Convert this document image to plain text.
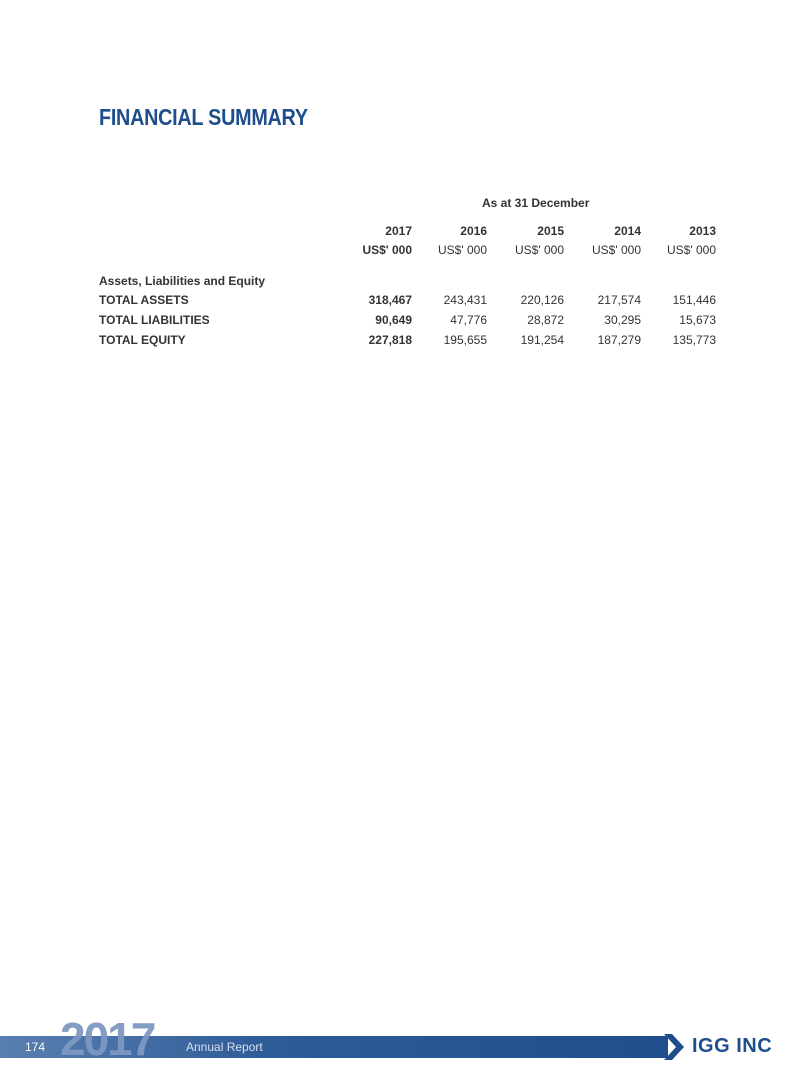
FINANCIAL SUMMARY
As at 31 December
2017	2016	2015	2014	2013
US$' 000	US$' 000	US$' 000	US$' 000	US$' 000
Assets, Liabilities and Equity
TOTAL ASSETS	318,467	243,431	220,126	217,574	151,446
TOTAL LIABILITIES	90,649	47,776	28,872	30,295	15,673
TOTAL EQUITY	227,818	195,655	191,254	187,279	135,773
174 2017	Annual Report	IGG INC
